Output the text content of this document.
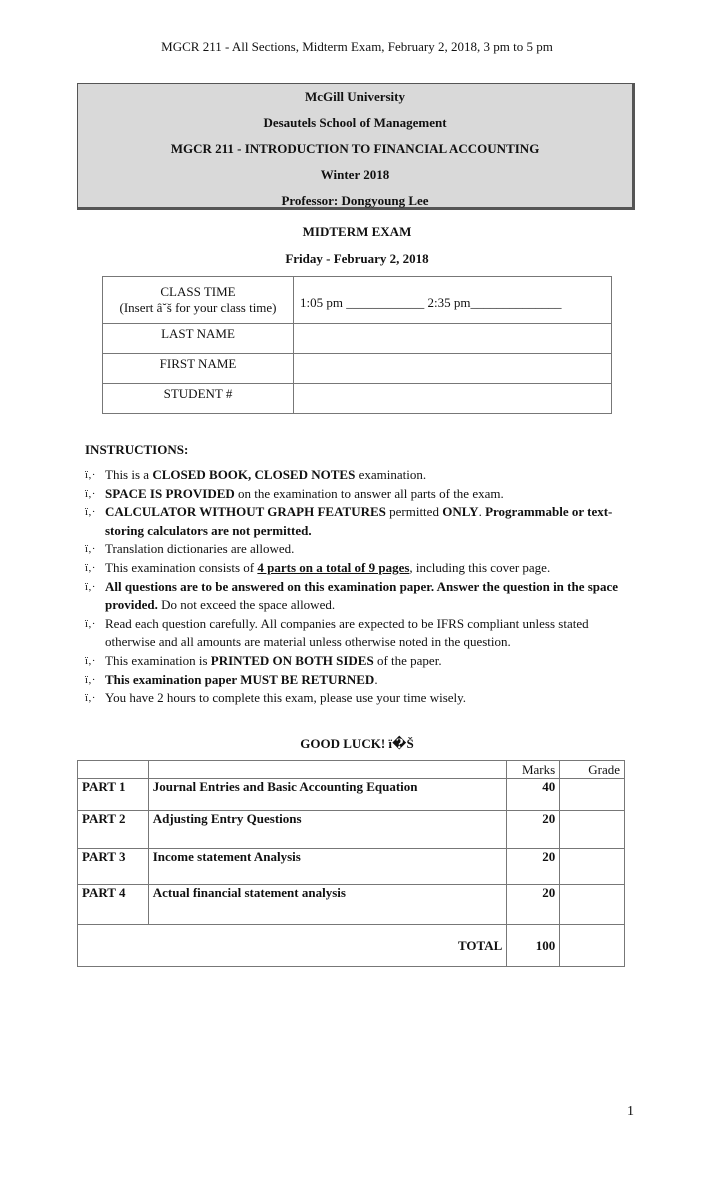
MGCR 211 - All Sections, Midterm Exam, February 2, 2018, 3 pm to 5 pm
McGill University
Desautels School of Management
MGCR 211 - INTRODUCTION TO FINANCIAL ACCOUNTING
Winter 2018
Professor: Dongyoung Lee
MIDTERM EXAM
Friday - February 2, 2018
CLASS TIME
(Insert â˘š for your class time)	1:05 pm ____________ 2:35 pm______________
LAST NAME	
FIRST NAME	
STUDENT #	
INSTRUCTIONS:
ï‚· This is a CLOSED BOOK, CLOSED NOTES examination.
ï‚· SPACE IS PROVIDED on the examination to answer all parts of the exam.
ï‚· CALCULATOR WITHOUT GRAPH FEATURES permitted ONLY. Programmable or text-storing calculators are not permitted.
ï‚· Translation dictionaries are allowed.
ï‚· This examination consists of 4 parts on a total of 9 pages, including this cover page.
ï‚· All questions are to be answered on this examination paper. Answer the question in the space provided. Do not exceed the space allowed.
ï‚· Read each question carefully. All companies are expected to be IFRS compliant unless stated otherwise and all amounts are material unless otherwise noted in the question.
ï‚· This examination is PRINTED ON BOTH SIDES of the paper.
ï‚· This examination paper MUST BE RETURNED.
ï‚· You have 2 hours to complete this exam, please use your time wisely.
GOOD LUCK! ï�Š
		Marks	Grade
PART 1	Journal Entries and Basic Accounting Equation	40	
PART 2	Adjusting Entry Questions	20	
PART 3	Income statement Analysis	20	
PART 4	Actual financial statement analysis	20	
TOTAL		100	
1
